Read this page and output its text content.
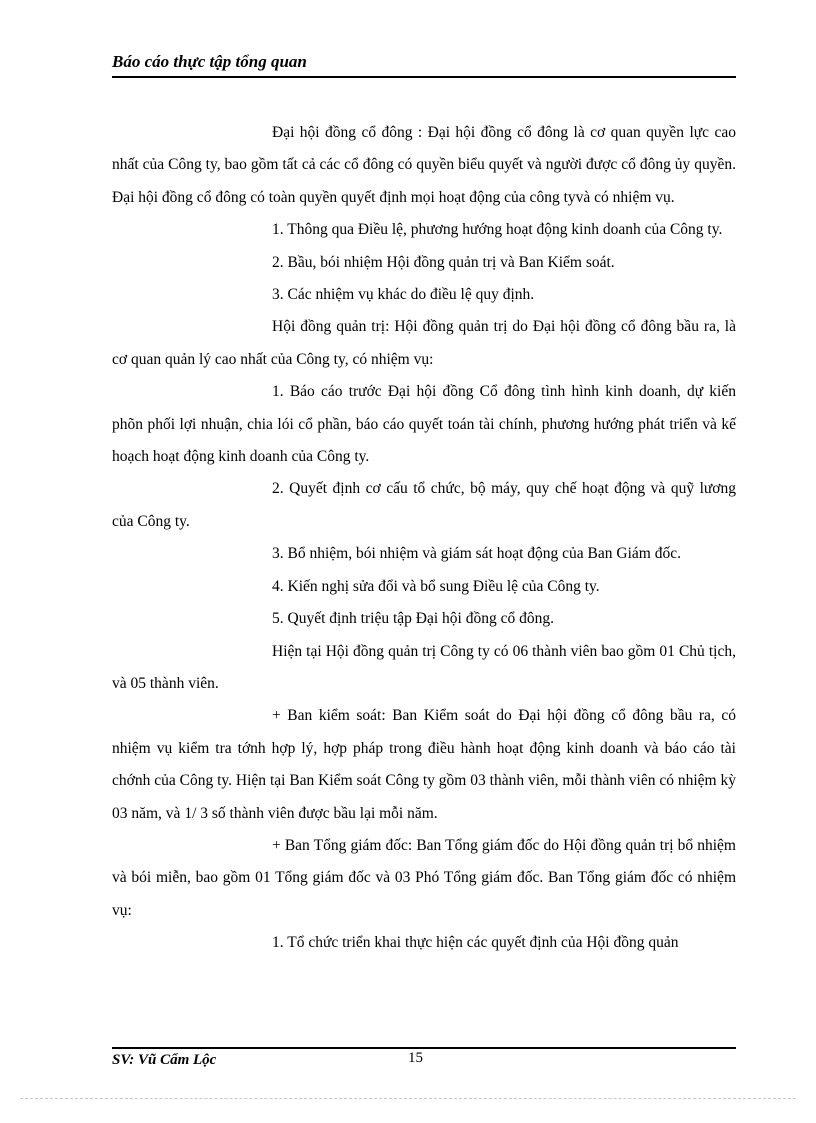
Báo cáo thực tập tổng quan

Đại hội đồng cổ đông : Đại hội đồng cổ đông là cơ quan quyền lực cao nhất của Công ty, bao gồm tất cả các cổ đông có quyền biểu quyết và người được cổ đông ủy quyền. Đại hội đồng cổ đông có toàn quyền quyết định mọi hoạt động của công tyvà có nhiệm vụ.

1. Thông qua Điều lệ, phương hướng hoạt động kinh doanh của Công ty.

2. Bầu, bói nhiệm Hội đồng quản trị và Ban Kiểm soát.

3. Các nhiệm vụ khác do điều lệ quy định.

Hội đồng quản trị: Hội đồng quản trị do Đại hội đồng cổ đông bầu ra, là cơ quan quản lý cao nhất của Công ty, có nhiệm vụ:

1. Báo cáo trước Đại hội đồng Cổ đông tình hình kinh doanh, dự kiến phõn phối lợi nhuận, chia lói cổ phần, báo cáo quyết toán tài chính, phương hướng phát triển và kế hoạch hoạt động kinh doanh của Công ty.

2. Quyết định cơ cấu tổ chức, bộ máy, quy chế hoạt động và quỹ lương của Công ty.

3. Bổ nhiệm, bói nhiệm và giám sát hoạt động của Ban Giám đốc.

4. Kiến nghị sửa đổi và bổ sung Điều lệ của Công ty.

5. Quyết định triệu tập Đại hội đồng cổ đông.

Hiện tại Hội đồng quản trị Công ty có 06 thành viên bao gồm 01 Chủ tịch, và 05 thành viên.

+ Ban kiểm soát: Ban Kiểm soát do Đại hội đồng cổ đông bầu ra, có nhiệm vụ kiểm tra tớnh hợp lý, hợp pháp trong điều hành hoạt động kinh doanh và báo cáo tài chớnh của Công ty. Hiện tại Ban Kiểm soát Công ty gồm 03 thành viên, mỗi thành viên có nhiệm kỳ 03 năm, và 1/ 3 số thành viên được bầu lại mỗi năm.

+ Ban Tổng giám đốc: Ban Tổng giám đốc do Hội đồng quản trị bổ nhiệm và bói miễn, bao gồm 01 Tổng giám đốc và 03 Phó Tổng giám đốc. Ban Tổng giám đốc có nhiệm vụ:

1. Tổ chức triển khai thực hiện các quyết định của Hội đồng quản

SV: Vũ Cẩm Lộc	15
